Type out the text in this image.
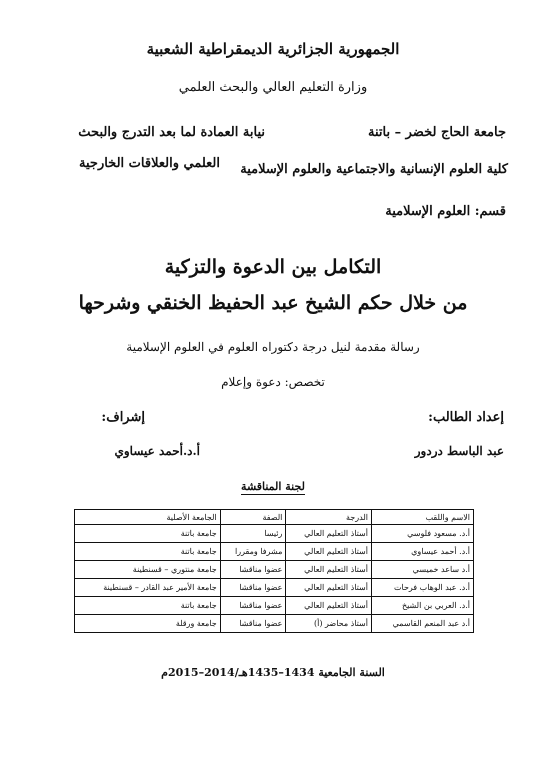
الجمهورية الجزائرية الديمقراطية الشعبية
وزارة التعليم العالي والبحث العلمي
جامعة الحاج لخضر – باتنة
كلية العلوم الإنسانية والاجتماعية والعلوم الإسلامية
قسم: العلوم الإسلامية
نيابة العمادة لما بعد التدرج والبحث
العلمي والعلاقات الخارجية
التكامل بين الدعوة والتزكية
من خلال حكم الشيخ عبد الحفيظ الخنقي وشرحها
رسالة مقدمة لنيل درجة دكتوراه العلوم في العلوم الإسلامية
تخصص: دعوة وإعلام
إعداد الطالب:
إشراف:
عبد الباسط دردور
أ.د.أحمد عيساوي
لجنة المناقشة
الاسم واللقب	الدرجة	الصفة	الجامعة الأصلية
أ.د. مسعود فلوسي	أستاذ التعليم العالي	رئيسا	جامعة باتنة
أ.د. أحمد عيساوي	أستاذ التعليم العالي	مشرفا ومقررا	جامعة باتنة
أ.د ساعد خميسي	أستاذ التعليم العالي	عضوا مناقشا	جامعة منتوري – قسنطينة
أ.د. عبد الوهاب فرحات	أستاذ التعليم العالي	عضوا مناقشا	جامعة الأمير عبد القادر – قسنطينة
أ.د. العربي بن الشيخ	أستاذ التعليم العالي	عضوا مناقشا	جامعة باتنة
أ.د عبد المنعم القاسمي	أستاذ محاضر (أ)	عضوا مناقشا	جامعة ورقلة
السنة الجامعية 1434–1435هـ/2014–2015م
